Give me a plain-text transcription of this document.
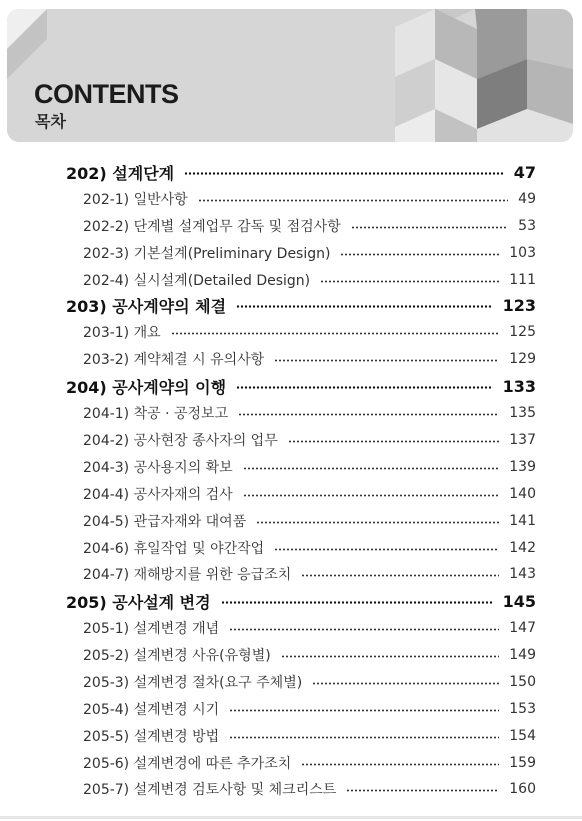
CONTENTS
목차
202) 설계단계	47
202-1) 일반사항	49
202-2) 단계별 설계업무 감독 및 점검사항	53
202-3) 기본설계(Preliminary Design)	103
202-4) 실시설계(Detailed Design)	111
203) 공사계약의 체결	123
203-1) 개요	125
203-2) 계약체결 시 유의사항	129
204) 공사계약의 이행	133
204-1) 착공 · 공정보고	135
204-2) 공사현장 종사자의 업무	137
204-3) 공사용지의 확보	139
204-4) 공사자재의 검사	140
204-5) 관급자재와 대여품	141
204-6) 휴일작업 및 야간작업	142
204-7) 재해방지를 위한 응급조치	143
205) 공사설계 변경	145
205-1) 설계변경 개념	147
205-2) 설계변경 사유(유형별)	149
205-3) 설계변경 절차(요구 주체별)	150
205-4) 설계변경 시기	153
205-5) 설계변경 방법	154
205-6) 설계변경에 따른 추가조치	159
205-7) 설계변경 검토사항 및 체크리스트	160
